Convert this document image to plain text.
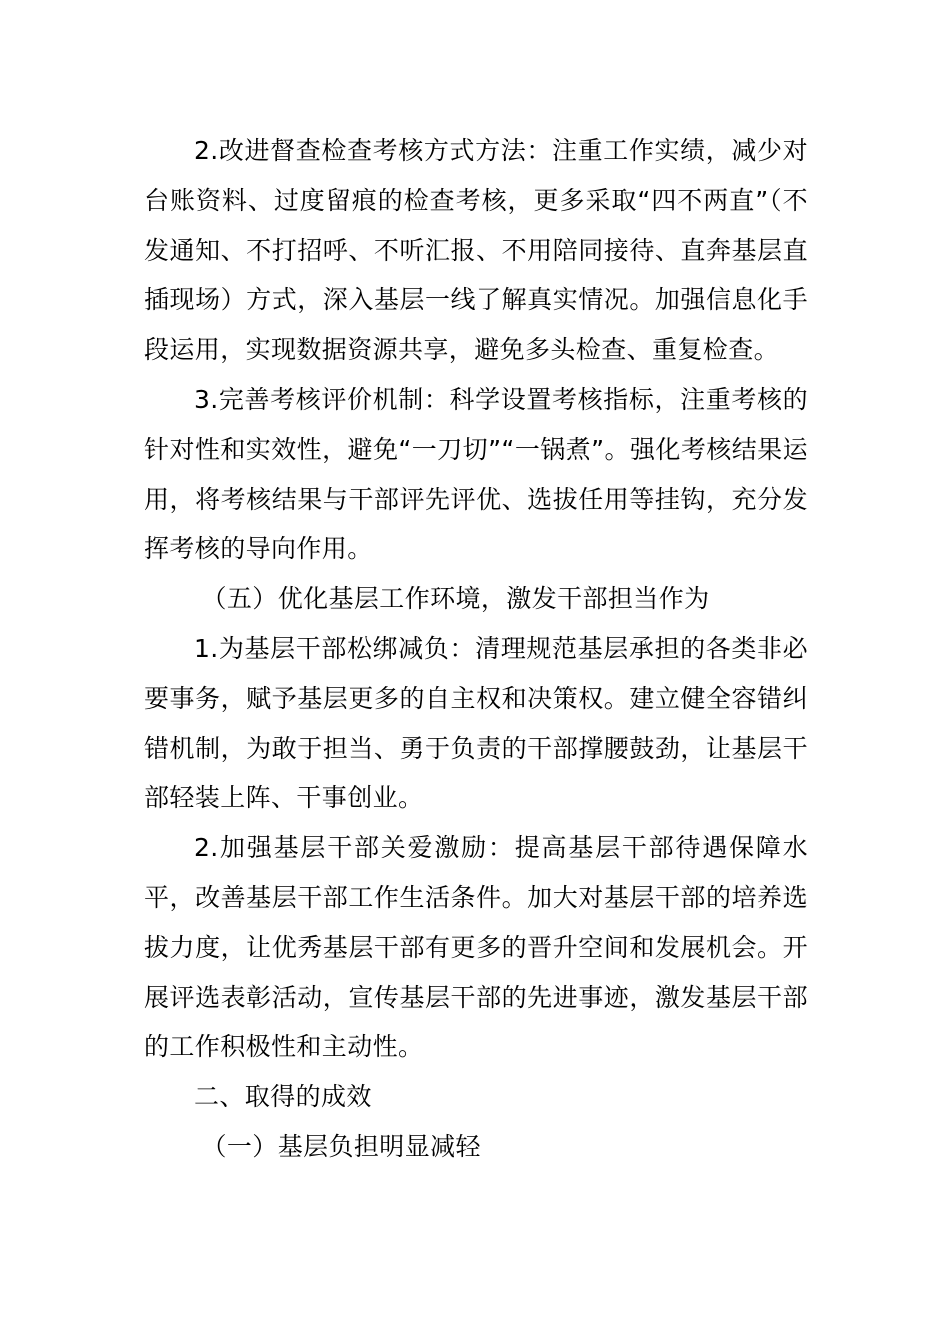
2.改进督查检查考核方式方法：注重工作实绩，减少对台账资料、过度留痕的检查考核，更多采取“四不两直”（不发通知、不打招呼、不听汇报、不用陪同接待、直奔基层直插现场）方式，深入基层一线了解真实情况。加强信息化手段运用，实现数据资源共享，避免多头检查、重复检查。

3.完善考核评价机制：科学设置考核指标，注重考核的针对性和实效性，避免“一刀切”“一锅煮”。强化考核结果运用，将考核结果与干部评先评优、选拔任用等挂钩，充分发挥考核的导向作用。

（五）优化基层工作环境，激发干部担当作为

1.为基层干部松绑减负：清理规范基层承担的各类非必要事务，赋予基层更多的自主权和决策权。建立健全容错纠错机制，为敢于担当、勇于负责的干部撑腰鼓劲，让基层干部轻装上阵、干事创业。

2.加强基层干部关爱激励：提高基层干部待遇保障水平，改善基层干部工作生活条件。加大对基层干部的培养选拔力度，让优秀基层干部有更多的晋升空间和发展机会。开展评选表彰活动，宣传基层干部的先进事迹，激发基层干部的工作积极性和主动性。

二、取得的成效

（一）基层负担明显减轻
